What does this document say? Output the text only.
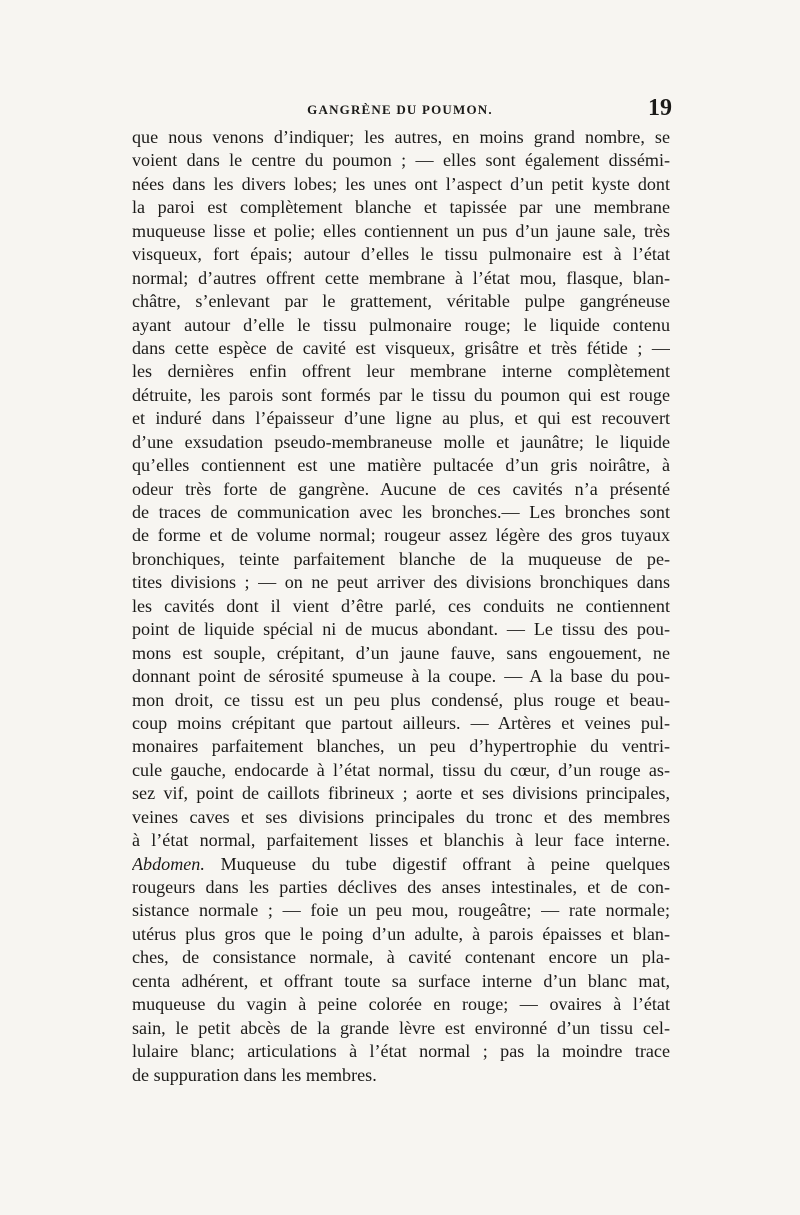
GANGRÈNE DU POUMON.	19
que nous venons d’indiquer; les autres, en moins grand nombre, se
voient dans le centre du poumon ; — elles sont également dissémi-
nées dans les divers lobes; les unes ont l’aspect d’un petit kyste dont
la paroi est complètement blanche et tapissée par une membrane
muqueuse lisse et polie; elles contiennent un pus d’un jaune sale, très
visqueux, fort épais; autour d’elles le tissu pulmonaire est à l’état
normal; d’autres offrent cette membrane à l’état mou, flasque, blan-
châtre, s’enlevant par le grattement, véritable pulpe gangréneuse
ayant autour d’elle le tissu pulmonaire rouge; le liquide contenu
dans cette espèce de cavité est visqueux, grisâtre et très fétide ; —
les dernières enfin offrent leur membrane interne complètement
détruite, les parois sont formés par le tissu du poumon qui est rouge
et induré dans l’épaisseur d’une ligne au plus, et qui est recouvert
d’une exsudation pseudo-membraneuse molle et jaunâtre; le liquide
qu’elles contiennent est une matière pultacée d’un gris noirâtre, à
odeur très forte de gangrène. Aucune de ces cavités n’a présenté
de traces de communication avec les bronches.— Les bronches sont
de forme et de volume normal; rougeur assez légère des gros tuyaux
bronchiques, teinte parfaitement blanche de la muqueuse de pe-
tites divisions ; — on ne peut arriver des divisions bronchiques dans
les cavités dont il vient d’être parlé, ces conduits ne contiennent
point de liquide spécial ni de mucus abondant. — Le tissu des pou-
mons est souple, crépitant, d’un jaune fauve, sans engouement, ne
donnant point de sérosité spumeuse à la coupe. — A la base du pou-
mon droit, ce tissu est un peu plus condensé, plus rouge et beau-
coup moins crépitant que partout ailleurs. — Artères et veines pul-
monaires parfaitement blanches, un peu d’hypertrophie du ventri-
cule gauche, endocarde à l’état normal, tissu du cœur, d’un rouge as-
sez vif, point de caillots fibrineux ; aorte et ses divisions principales,
veines caves et ses divisions principales du tronc et des membres
à l’état normal, parfaitement lisses et blanchis à leur face interne.
Abdomen. Muqueuse du tube digestif offrant à peine quelques
rougeurs dans les parties déclives des anses intestinales, et de con-
sistance normale ; — foie un peu mou, rougeâtre; — rate normale;
utérus plus gros que le poing d’un adulte, à parois épaisses et blan-
ches, de consistance normale, à cavité contenant encore un pla-
centa adhérent, et offrant toute sa surface interne d’un blanc mat,
muqueuse du vagin à peine colorée en rouge; — ovaires à l’état
sain, le petit abcès de la grande lèvre est environné d’un tissu cel-
lulaire blanc; articulations à l’état normal ; pas la moindre trace
de suppuration dans les membres.
